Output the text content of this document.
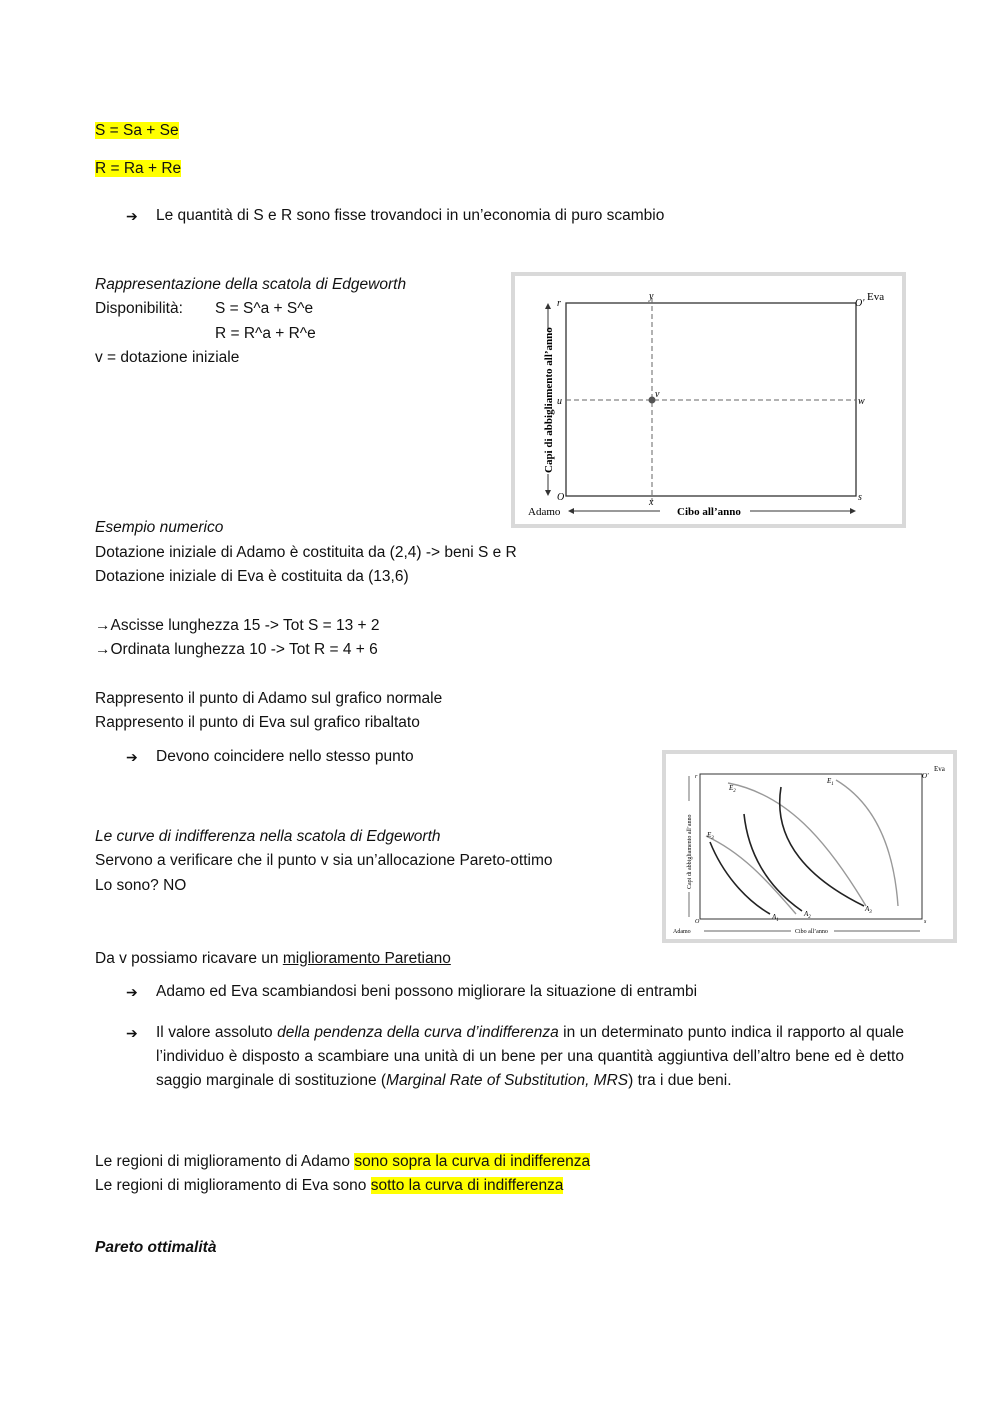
S = Sa + Se
R = Ra + Re
➔ Le quantità di S e R sono fisse trovandoci in un’economia di puro scambio
Rappresentazione della scatola di Edgeworth
Disponibilità: S = S^a + S^e
R = R^a + R^e
v = dotazione iniziale
r
y
O'
Eva
u
v
w
O	x	s
Adamo	Cibo all’anno
Capi di abbigliamento all’anno
Esempio numerico
Dotazione iniziale di Adamo è costituita da (2,4) -> beni S e R
Dotazione iniziale di Eva è costituita da (13,6)
→Ascisse lunghezza 15 -> Tot S = 13 + 2
→Ordinata lunghezza 10 -> Tot R = 4 + 6
Rappresento il punto di Adamo sul grafico normale
Rappresento il punto di Eva sul grafico ribaltato
➔ Devono coincidere nello stesso punto
r	O'
Eva
$E_1$
$E_2$
$E_3$
$A_1$
$A_2$
$A_3$
O	s
Adamo	Cibo all’anno
Capi di abbigliamento all’anno
Le curve di indifferenza nella scatola di Edgeworth
Servono a verificare che il punto v sia un’allocazione Pareto-ottimo
Lo sono? NO
Da v possiamo ricavare un miglioramento Paretiano
➔ Adamo ed Eva scambiandosi beni possono migliorare la situazione di entrambi
➔ Il valore assoluto della pendenza della curva d’indifferenza in un determinato punto indica il rapporto al quale l’individuo è disposto a scambiare una unità di un bene per una quantità aggiuntiva dell’altro bene ed è detto saggio marginale di sostituzione (Marginal Rate of Substitution, MRS) tra i due beni.
Le regioni di miglioramento di Adamo sono sopra la curva di indifferenza
Le regioni di miglioramento di Eva sono sotto la curva di indifferenza
Pareto ottimalità
